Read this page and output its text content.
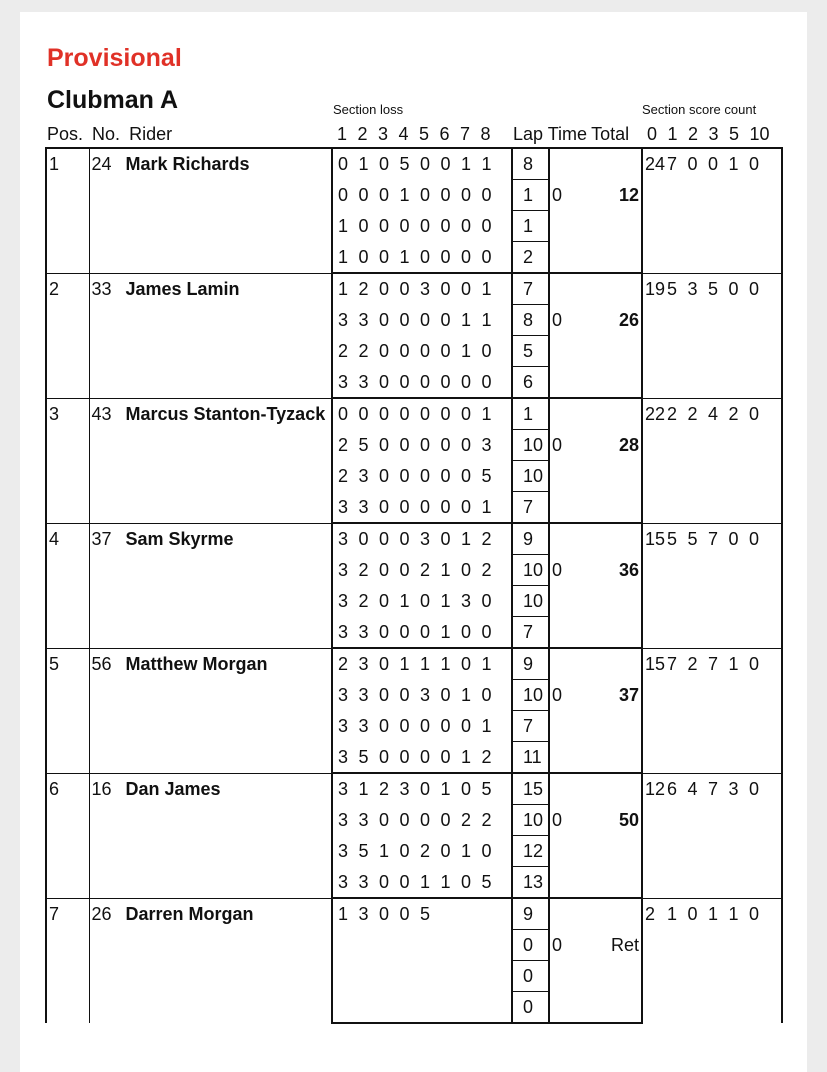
Provisional
Clubman A	Section loss	Section score count
Pos. No. Rider	1 2 3 4 5 6 7 8	Lap Time Total 0 1 2 3 5 10
1	24 Mark Richards	0 1 0 5 0 0 1 1	8			24 7 0 0 1 0
		0 0 0 1 0 0 0 0	1	0	12	
		1 0 0 0 0 0 0 0	1			
		1 0 0 1 0 0 0 0	2			
2	33 James Lamin	1 2 0 0 3 0 0 1	7			19 5 3 5 0 0
		3 3 0 0 0 0 1 1	8	0	26	
		2 2 0 0 0 0 1 0	5			
		3 3 0 0 0 0 0 0	6			
3	43 Marcus Stanton-Tyzack	0 0 0 0 0 0 0 1	1			22 2 2 4 2 0
		2 5 0 0 0 0 0 3	10	0	28	
		2 3 0 0 0 0 0 5	10			
		3 3 0 0 0 0 0 1	7			
4	37 Sam Skyrme	3 0 0 0 3 0 1 2	9			15 5 5 7 0 0
		3 2 0 0 2 1 0 2	10	0	36	
		3 2 0 1 0 1 3 0	10			
		3 3 0 0 0 1 0 0	7			
5	56 Matthew Morgan	2 3 0 1 1 1 0 1	9			15 7 2 7 1 0
		3 3 0 0 3 0 1 0	10	0	37	
		3 3 0 0 0 0 0 1	7			
		3 5 0 0 0 0 1 2	11			
6	16 Dan James	3 1 2 3 0 1 0 5	15			12 6 4 7 3 0
		3 3 0 0 0 0 2 2	10	0	50	
		3 5 1 0 2 0 1 0	12			
		3 3 0 0 1 1 0 5	13			
7	26 Darren Morgan	1 3 0 0 5	9			2 1 0 1 1 0
			0	0	Ret	
			0			
			0			
